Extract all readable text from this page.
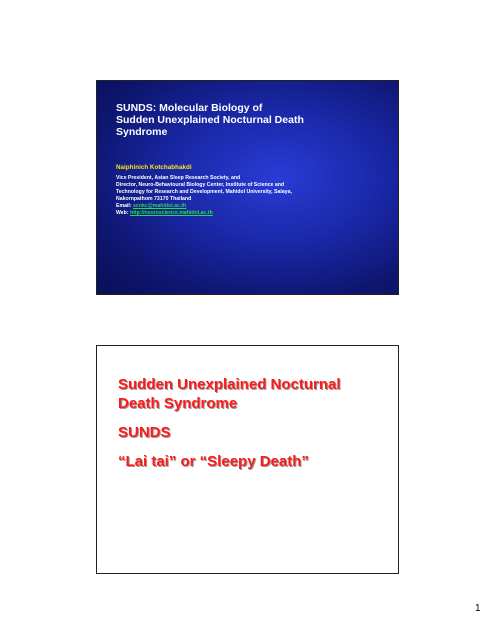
SUNDS: Molecular Biology of
Sudden Unexplained Nocturnal Death
Syndrome
Naiphinich Kotchabhakdi
Vice President, Asian Sleep Research Society, and
Director, Neuro-Behavioural Biology Center, Institute of Science and
Technology for Research and Development, Mahidol University, Salaya,
Nakornpathom 73170 Thailand
Email: scnkc@mahidol.ac.th
Web: http://neuroscience.mahidol.ac.th
Sudden Unexplained Nocturnal
Death Syndrome
SUNDS
“Lai tai” or “Sleepy Death”
1
